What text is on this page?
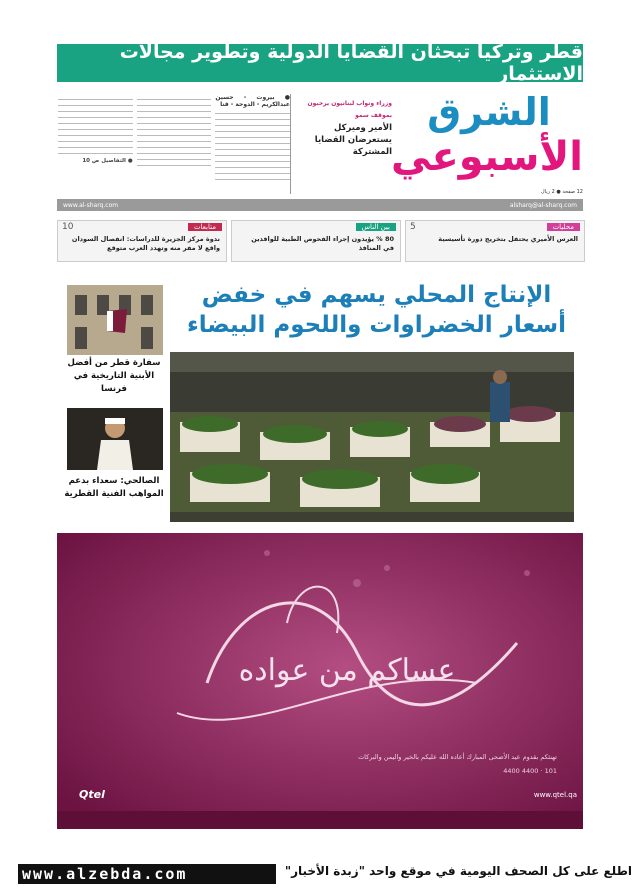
قطر وتركيا تبحثان القضايا الدولية وتطوير مجالات الاستثمار
● بيروت - حسين عبدالكريم - الدوحة - قنا
● التفاصيل ص 10
وزراء ونواب لبنانيون يرحبون بموقف سمو
الأمير وميركل يستعرضان القضايا المشتركة
الشرق
الأسبوعي
12 صفحة ● 2 ريال
www.al-sharq.com	alsharq@al-sharq.com
محليات
5
العرس الأميري يحتفل بتخريج دورة تأسيسية
بين الناس
80 % يؤيدون إجراء الفحوص الطبية للوافدين في المنافذ
متابعات
10
ندوة مركز الجزيرة للدراسات: انفصال السودان واقع لا مفر منه وتهدد العرب متوقع
الإنتاج المحلي يسهم في خفض
أسعار الخضراوات واللحوم البيضاء
سفارة قطر من أفضل الأبنية التاريخية في فرنسا
الصالحي: سعداء بدعم المواهب الفنية القطرية
عساكم من عواده
تهنئكم بقدوم عيد الأضحى المبارك أعاده الله عليكم بالخير واليمن والبركات
4400 4400 · 101
Qtel	www.qtel.qa
اطلع على كل الصحف اليومية في موقع واحد "زبدة الأخبار"
www.alzebda.com
